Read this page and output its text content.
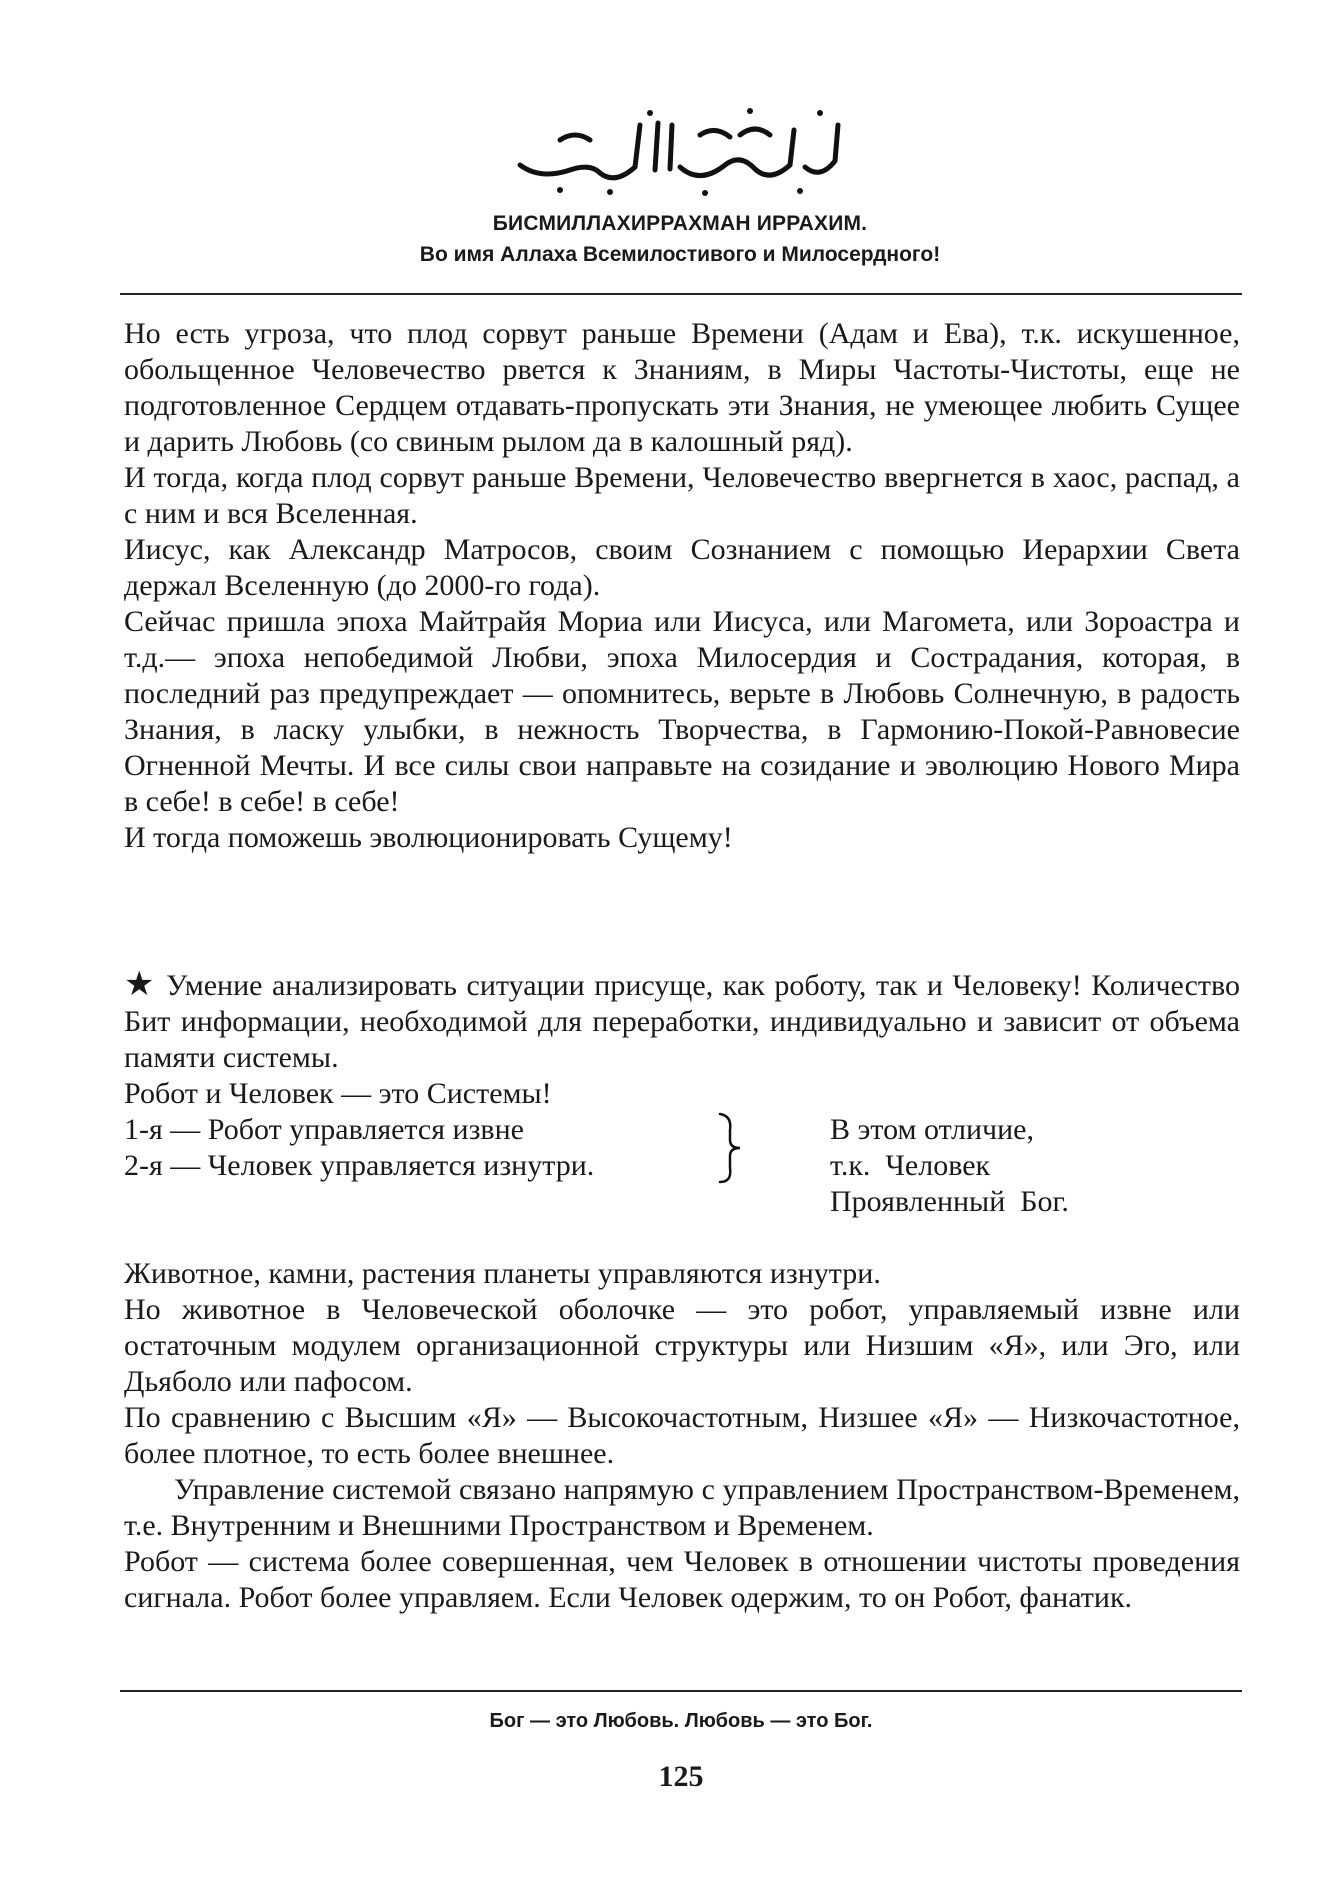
БИСМИЛЛАХИРРАХМАН ИРРАХИМ.
Во имя Аллаха Всемилостивого и Милосердного!

Но есть угроза, что плод сорвут раньше Времени (Адам и Ева), т.к. искушенное, обольщенное Человечество рвется к Знаниям, в Миры Частоты-Чистоты, еще не подготовленное Сердцем отдавать-пропускать эти Знания, не умеющее любить Сущее и дарить Любовь (со свиным рылом да в калошный ряд).

И тогда, когда плод сорвут раньше Времени, Человечество ввергнется в хаос, распад, а с ним и вся Вселенная.

Иисус, как Александр Матросов, своим Сознанием с помощью Иерархии Света держал Вселенную (до 2000-го года).

Сейчас пришла эпоха Майтрайя Мориа или Иисуса, или Магомета, или Зороастра и т.д.— эпоха непобедимой Любви, эпоха Милосердия и Сострадания, которая, в последний раз предупреждает — опомнитесь, верьте в Любовь Солнечную, в радость Знания, в ласку улыбки, в нежность Творчества, в Гармонию-Покой-Равновесие Огненной Мечты. И все силы свои направьте на созидание и эволюцию Нового Мира в себе! в себе! в себе!

И тогда поможешь эволюционировать Сущему!

★ Умение анализировать ситуации присуще, как роботу, так и Человеку! Количество Бит информации, необходимой для переработки, индивидуально и зависит от объема памяти системы.

Робот и Человек — это Системы!

1-я — Робот управляется извне
2-я — Человек управляется изнутри.
В этом отличие,
т.к.  Человек
Проявленный  Бог.

Животное, камни, растения планеты управляются изнутри.

Но животное в Человеческой оболочке — это робот, управляемый извне или остаточным модулем организационной структуры или Низшим «Я», или Эго, или Дьяболо или пафосом.

По сравнению с Высшим «Я» — Высокочастотным, Низшее «Я» — Низкочастотное, более плотное, то есть более внешнее.

Управление системой связано напрямую с управлением Пространством-Временем, т.е. Внутренним и Внешними Пространством и Временем.

Робот — система более совершенная, чем Человек в отношении чистоты проведения сигнала. Робот более управляем. Если Человек одержим, то он Робот, фанатик.

Бог — это Любовь. Любовь — это Бог.
125
